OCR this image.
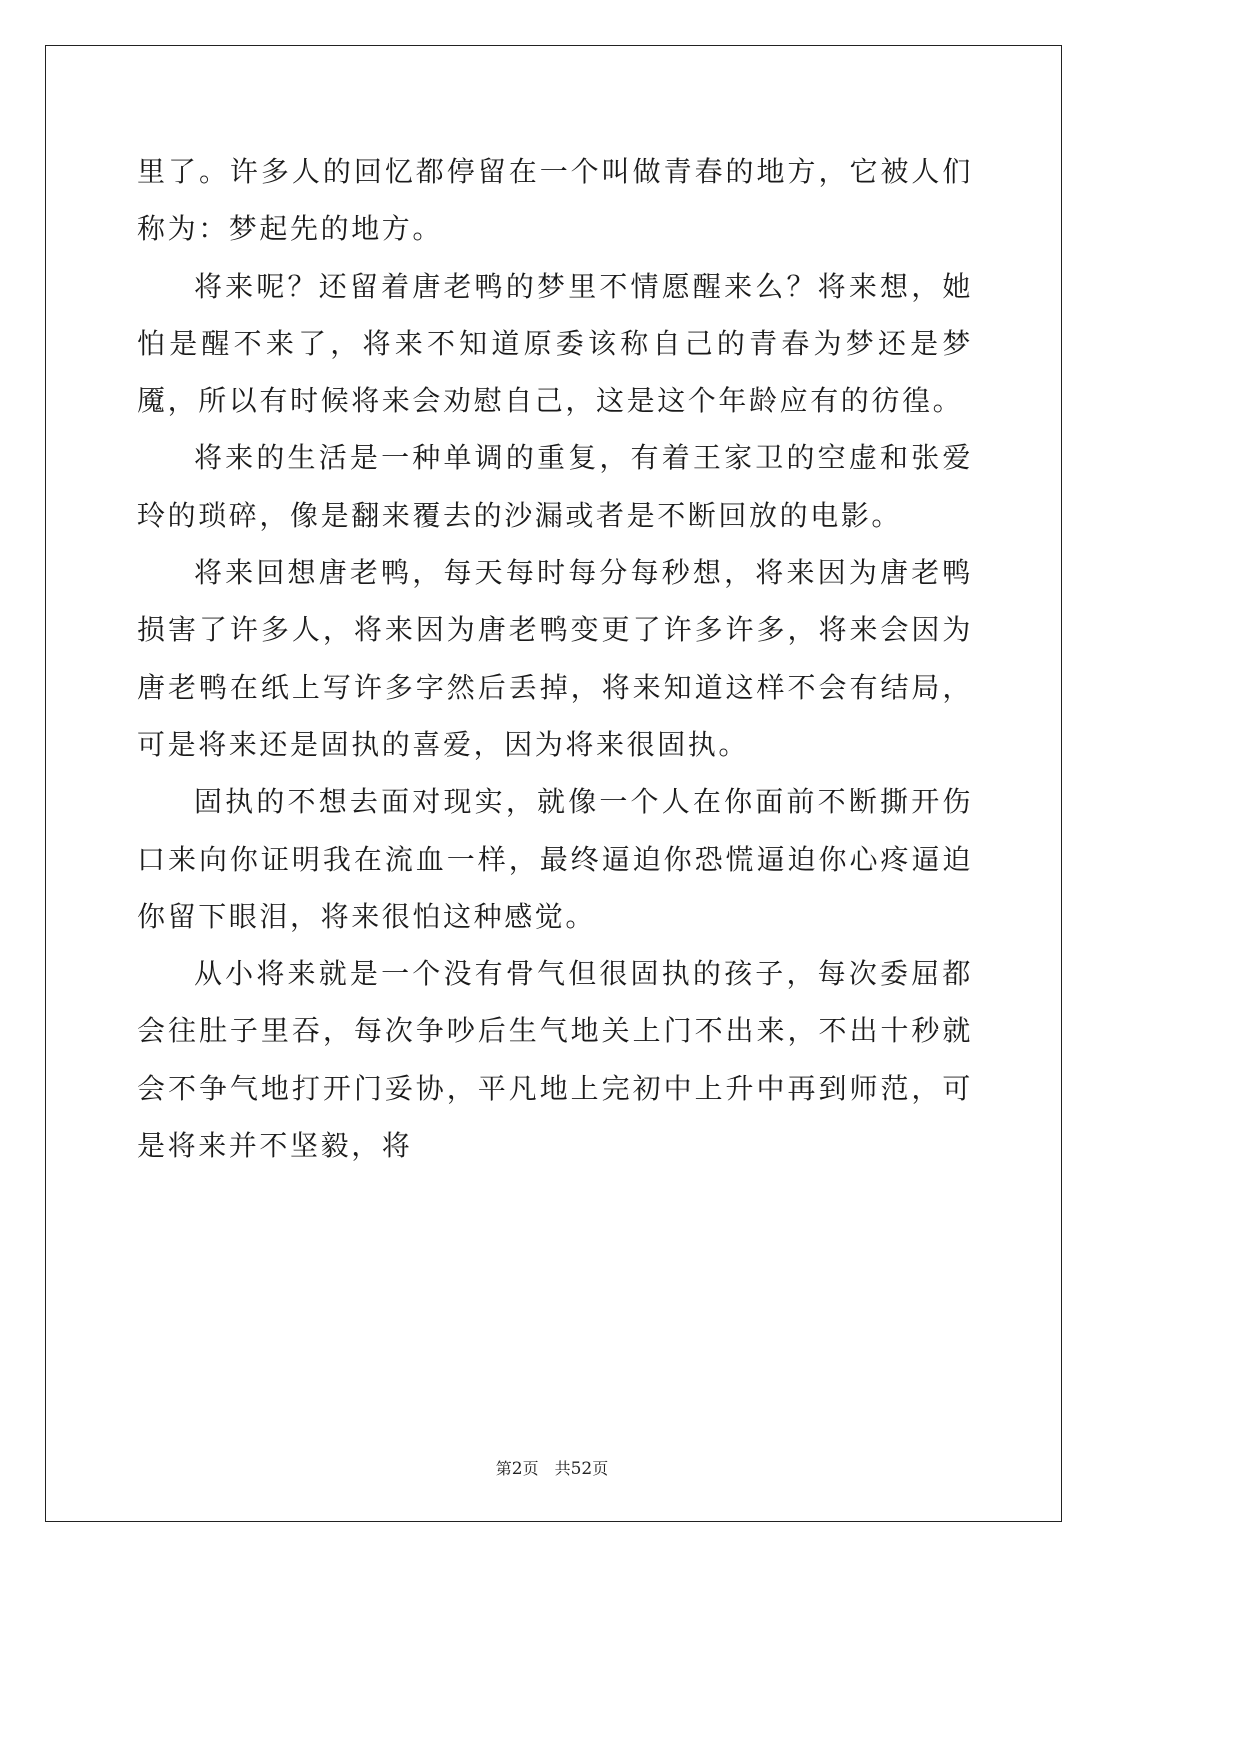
里了。许多人的回忆都停留在一个叫做青春的地方，它被人们称为：梦起先的地方。

将来呢？还留着唐老鸭的梦里不情愿醒来么？将来想，她怕是醒不来了，将来不知道原委该称自己的青春为梦还是梦魇，所以有时候将来会劝慰自己，这是这个年龄应有的彷徨。

将来的生活是一种单调的重复，有着王家卫的空虚和张爱玲的琐碎，像是翻来覆去的沙漏或者是不断回放的电影。

将来回想唐老鸭，每天每时每分每秒想，将来因为唐老鸭损害了许多人，将来因为唐老鸭变更了许多许多，将来会因为唐老鸭在纸上写许多字然后丢掉，将来知道这样不会有结局，可是将来还是固执的喜爱，因为将来很固执。

固执的不想去面对现实，就像一个人在你面前不断撕开伤口来向你证明我在流血一样，最终逼迫你恐慌逼迫你心疼逼迫你留下眼泪，将来很怕这种感觉。

从小将来就是一个没有骨气但很固执的孩子，每次委屈都会往肚子里吞，每次争吵后生气地关上门不出来，不出十秒就会不争气地打开门妥协，平凡地上完初中上升中再到师范，可是将来并不坚毅，将

第2页 共52页
